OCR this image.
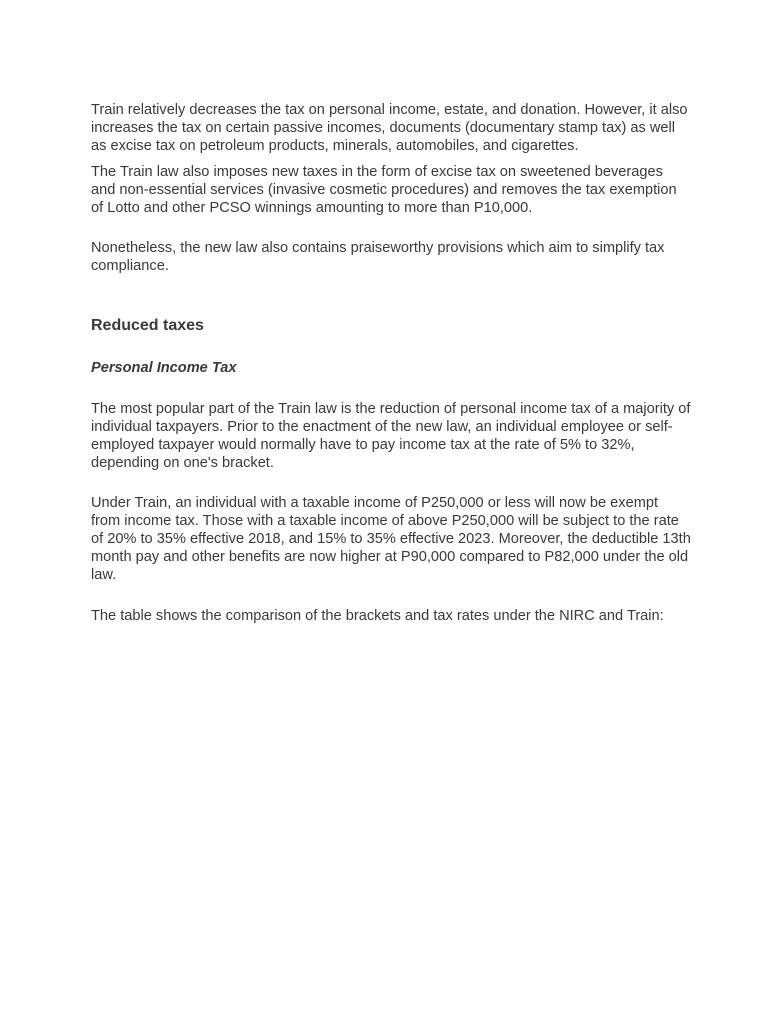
Train relatively decreases the tax on personal income, estate, and donation. However, it also increases the tax on certain passive incomes, documents (documentary stamp tax) as well as excise tax on petroleum products, minerals, automobiles, and cigarettes.

The Train law also imposes new taxes in the form of excise tax on sweetened beverages and non-essential services (invasive cosmetic procedures) and removes the tax exemption of Lotto and other PCSO winnings amounting to more than P10,000.

Nonetheless, the new law also contains praiseworthy provisions which aim to simplify tax compliance.

Reduced taxes
Personal Income Tax

The most popular part of the Train law is the reduction of personal income tax of a majority of individual taxpayers. Prior to the enactment of the new law, an individual employee or self-employed taxpayer would normally have to pay income tax at the rate of 5% to 32%, depending on one's bracket.

Under Train, an individual with a taxable income of P250,000 or less will now be exempt from income tax. Those with a taxable income of above P250,000 will be subject to the rate of 20% to 35% effective 2018, and 15% to 35% effective 2023. Moreover, the deductible 13th month pay and other benefits are now higher at P90,000 compared to P82,000 under the old law.

The table shows the comparison of the brackets and tax rates under the NIRC and Train:
